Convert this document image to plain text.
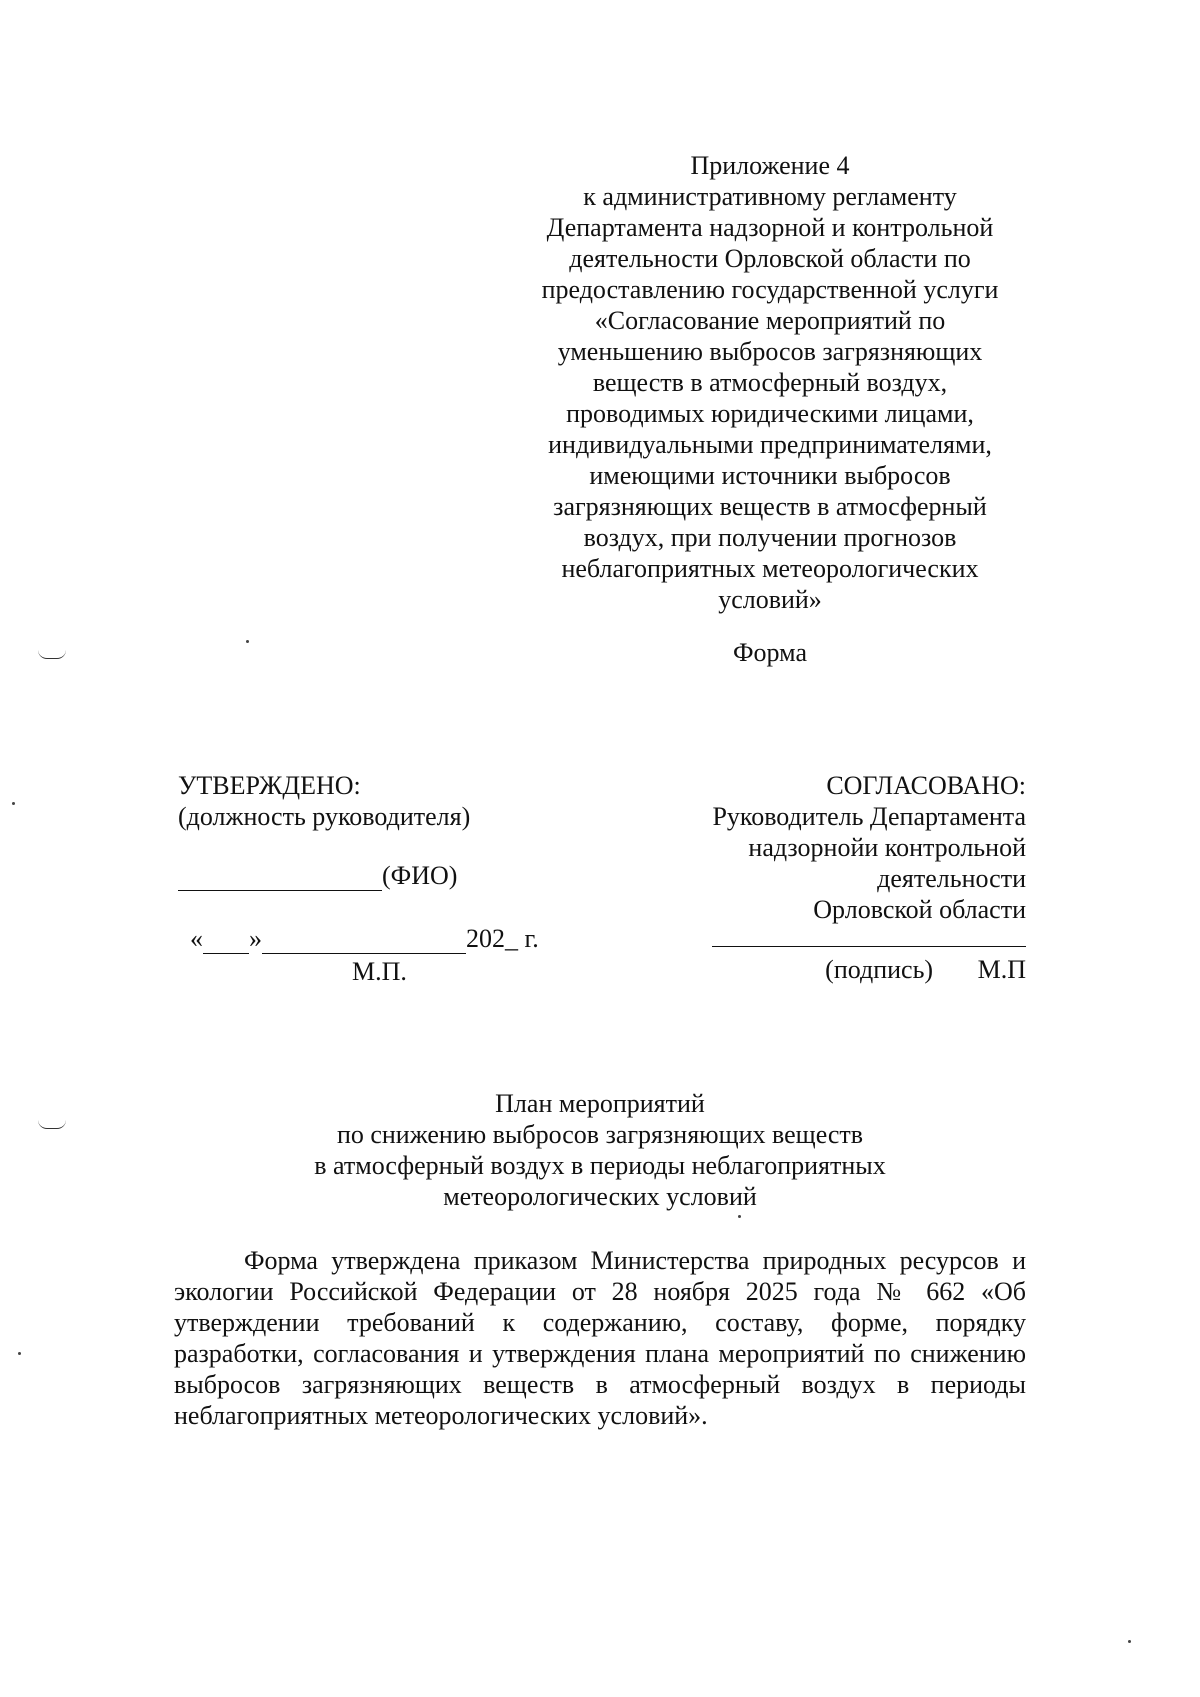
Приложение 4
к административному регламенту
Департамента надзорной и контрольной
деятельности Орловской области по
предоставлению государственной услуги
«Согласование мероприятий по
уменьшению выбросов загрязняющих
веществ в атмосферный воздух,
проводимых юридическими лицами,
индивидуальными предпринимателями,
имеющими источники выбросов
загрязняющих веществ в атмосферный
воздух, при получении прогнозов
неблагоприятных метеорологических
условий»
Форма
УТВЕРЖДЕНО:
(должность руководителя)
(ФИО)
« »	202_ г.
М.П.
СОГЛАСОВАНО:
Руководитель Департамента
надзорнойи контрольной
деятельности
Орловской области
(подпись) М.П
План мероприятий
по снижению выбросов загрязняющих веществ
в атмосферный воздух в периоды неблагоприятных
метеорологических условий
Форма утверждена приказом Министерства природных ресурсов и экологии Российской Федерации от 28 ноября 2025 года № 662 «Об утверждении требований к содержанию, составу, форме, порядку разработки, согласования и утверждения плана мероприятий по снижению выбросов загрязняющих веществ в атмосферный воздух в периоды неблагоприятных метеорологических условий».
